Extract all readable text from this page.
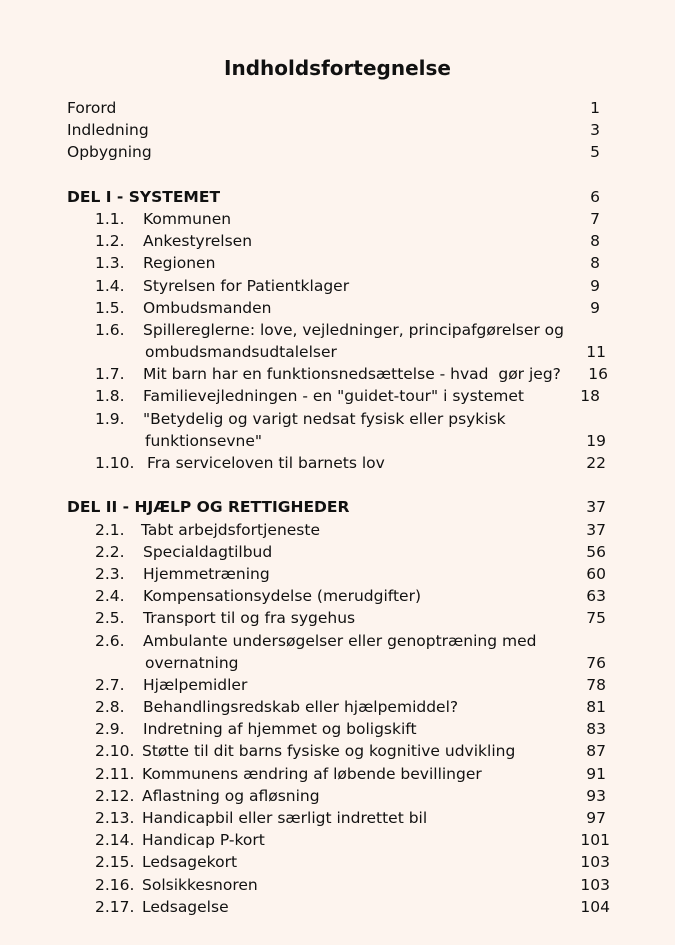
Indholdsfortegnelse
Forord	1
Indledning	3
Opbygning	5
DEL I - SYSTEMET	6
1.1. Kommunen	7
1.2. Ankestyrelsen	8
1.3. Regionen	8
1.4. Styrelsen for Patientklager	9
1.5. Ombudsmanden	9
1.6. Spillereglerne: love, vejledninger, principafgørelser og
ombudsmandsudtalelser	11
1.7. Mit barn har en funktionsnedsættelse - hvad  gør jeg? 16
1.8. Familievejledningen - en "guidet-tour" i systemet	18
1.9. "Betydelig og varigt nedsat fysisk eller psykisk
funktionsevne"	19
1.10. Fra serviceloven til barnets lov	22
DEL II - HJÆLP OG RETTIGHEDER	37
2.1. Tabt arbejdsfortjeneste	37
2.2. Specialdagtilbud	56
2.3. Hjemmetræning	60
2.4. Kompensationsydelse (merudgifter)	63
2.5. Transport til og fra sygehus	75
2.6. Ambulante undersøgelser eller genoptræning med
overnatning	76
2.7. Hjælpemidler	78
2.8. Behandlingsredskab eller hjælpemiddel?	81
2.9. Indretning af hjemmet og boligskift	83
2.10. Støtte til dit barns fysiske og kognitive udvikling	87
2.11. Kommunens ændring af løbende bevillinger	91
2.12. Aflastning og afløsning	93
2.13. Handicapbil eller særligt indrettet bil	97
2.14. Handicap P-kort	101
2.15. Ledsagekort	103
2.16. Solsikkesnoren	103
2.17. Ledsagelse	104
